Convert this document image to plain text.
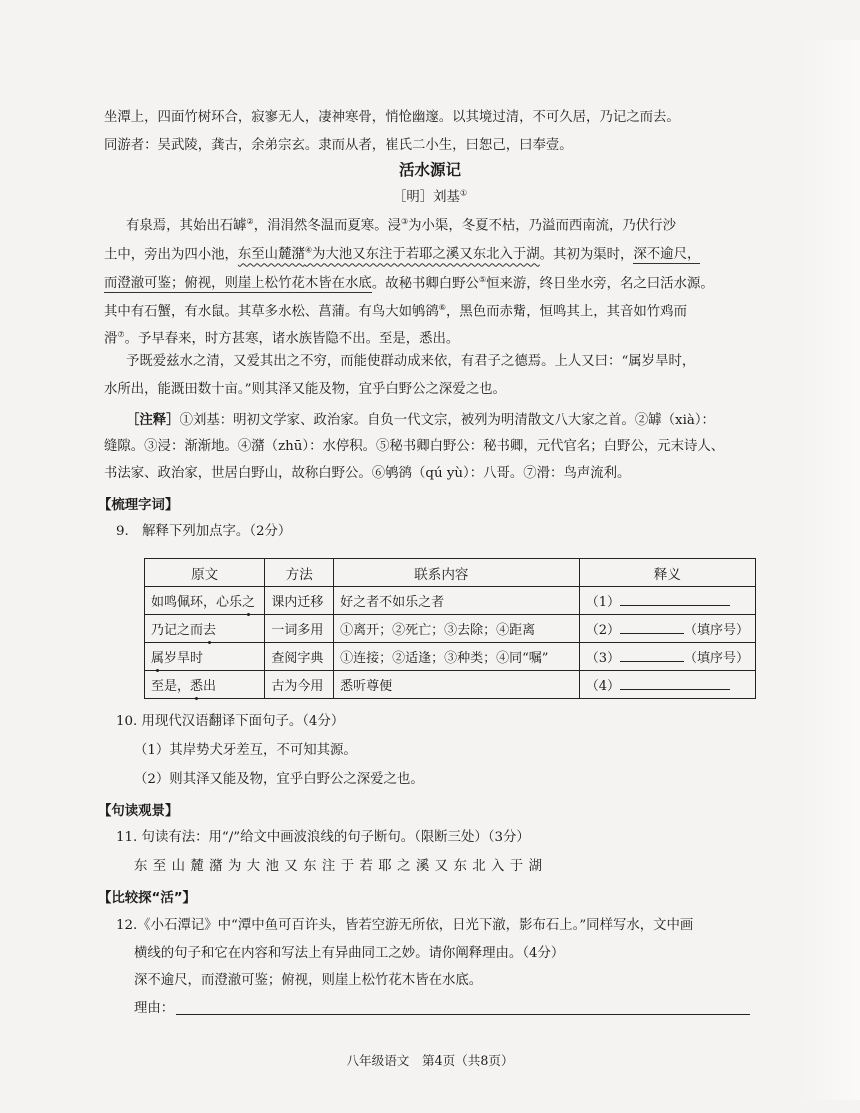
坐潭上，四面竹树环合，寂寥无人，凄神寒骨，悄怆幽邃。以其境过清，不可久居，乃记之而去。
同游者：吴武陵，龚古，余弟宗玄。隶而从者，崔氏二小生，曰恕己，曰奉壹。
活水源记
［明］刘基①
有泉焉，其始出石罅②，涓涓然冬温而夏寒。浸③为小渠，冬夏不枯，乃溢而西南流，乃伏行沙
土中，旁出为四小池，东至山麓潴④为大池又东注于若耶之溪又东北入于湖。其初为渠时，深不逾尺，
而澄澈可鉴；俯视，则崖上松竹花木皆在水底。故秘书卿白野公⑤恒来游，终日坐水旁，名之曰活水源。
其中有石蟹，有水鼠。其草多水松、菖蒲。有鸟大如鸲鹆⑥，黑色而赤觜，恒鸣其上，其音如竹鸡而
滑⑦。予早春来，时方甚寒，诸水族皆隐不出。至是，悉出。
予既爱兹水之清，又爱其出之不穷，而能使群动成来依，有君子之德焉。上人又曰：“属岁旱时，
水所出，能溉田数十亩。”则其泽又能及物，宜乎白野公之深爱之也。
［注释］①刘基：明初文学家、政治家。自负一代文宗，被列为明清散文八大家之首。②罅（xià）：
缝隙。③浸：渐渐地。④潴（zhū）：水停积。⑤秘书卿白野公：秘书卿，元代官名；白野公，元末诗人、
书法家、政治家，世居白野山，故称白野公。⑥鸲鹆（qú yù）：八哥。⑦滑：鸟声流利。
【梳理字词】
9.　解释下列加点字。（2分）
原文	方法	联系内容	释义
如鸣佩环，心乐之	课内迁移	好之者不如乐之者	（1）
乃记之而去	一词多用	①离开；②死亡；③去除；④距离	（2） （填序号）
属岁旱时	查阅字典	①连接；②适逢；③种类；④同“嘱”	（3） （填序号）
至是，悉出	古为今用	悉听尊便	（4）
10. 用现代汉语翻译下面句子。（4分）
（1）其岸势犬牙差互，不可知其源。
（2）则其泽又能及物，宜乎白野公之深爱之也。
【句读观景】
11. 句读有法：用“/”给文中画波浪线的句子断句。（限断三处）（3分）
东至山麓潴为大池又东注于若耶之溪又东北入于湖
【比较探“活”】
12.《小石潭记》中“潭中鱼可百许头，皆若空游无所依，日光下澈，影布石上。”同样写水，文中画
横线的句子和它在内容和写法上有异曲同工之妙。请你阐释理由。（4分）
深不逾尺，而澄澈可鉴；俯视，则崖上松竹花木皆在水底。
理由：
八年级语文　第4页（共8页）
